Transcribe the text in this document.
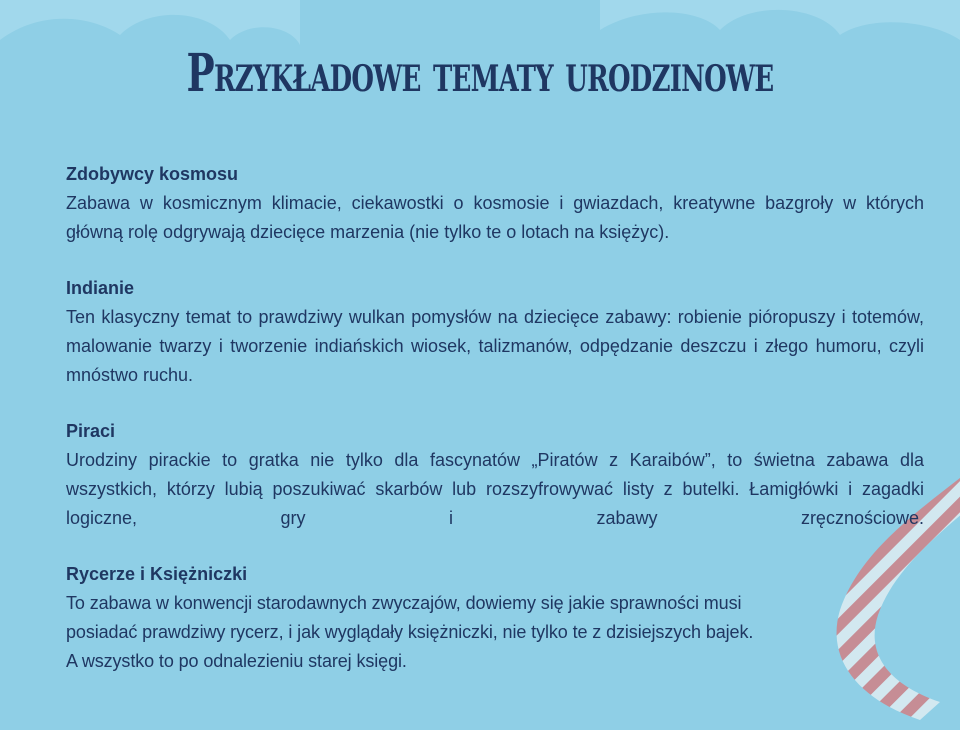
Przykładowe tematy urodzinowe
Zdobywcy kosmosu
Zabawa w kosmicznym klimacie, ciekawostki o kosmosie i gwiazdach, kreatywne bazgroły w których główną rolę odgrywają dziecięce marzenia (nie tylko te o lotach na księżyc).
Indianie
Ten klasyczny temat to prawdziwy wulkan pomysłów na dziecięce zabawy: robienie pióropuszy i totemów, malowanie twarzy i tworzenie indiańskich wiosek, talizmanów, odpędzanie deszczu i złego humoru, czyli mnóstwo ruchu.
Piraci
Urodziny pirackie to gratka nie tylko dla fascynatów „Piratów z Karaibów”, to świetna zabawa dla wszystkich, którzy lubią poszukiwać skarbów lub rozszyfrowywać listy z butelki. Łamigłówki i zagadki logiczne, gry i zabawy zręcznościowe.
Rycerze i Księżniczki
To zabawa w konwencji starodawnych zwyczajów, dowiemy się jakie sprawności musi
posiadać prawdziwy rycerz, i jak wyglądały księżniczki, nie tylko te z dzisiejszych bajek.
A wszystko to po odnalezieniu starej księgi.
